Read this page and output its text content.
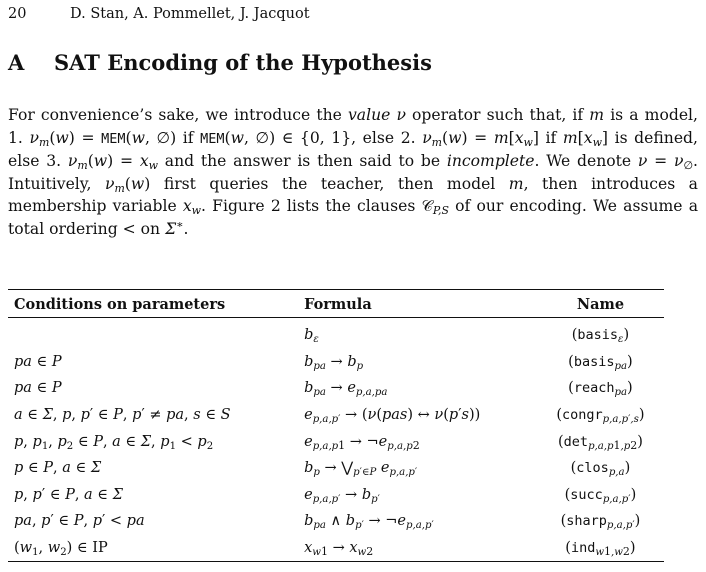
20	D. Stan, A. Pommellet, J. Jacquot
A SAT Encoding of the Hypothesis
For convenience’s sake, we introduce the value ν operator such that, if m is a model, 1. $\nu_m(w) = MEM(w$, ∅) if MEM(w, ∅) ∈ {0, 1}, else 2. $\nu_m(w) = m[x_w]$ if $m[x_w]$ is defined, else 3. $\nu_m(w) = x_w$ and the answer is then said to be incomplete. We denote $\nu = \nu_\emptyset$. Intuitively, $\nu_m(w)$ first queries the teacher, then model m, then introduces a membership variable $x_w$. Figure 2 lists the clauses 𝒞$_{P,S}$ of our encoding. We assume a total ordering < on Σ∗.
Conditions on parameters	Formula	Name
	$b_\varepsilon$	(basis$_\varepsilon$)
pa ∈ P	$b_{pa} \to b_p$	(basis$_{pa}$)
pa ∈ P	$b_{pa} \to e_{p,a,pa}$	(reach$_{pa}$)
a ∈ Σ, p, p′ ∈ P, p′ ≠ pa, s ∈ S	$e_{p,a,p'} \to (\nu(pas)$ ↔ ν(p′s))	(congr$_{p,a,p',s}$)
p, $p_1$, $p_2$ ∈ P, a ∈ Σ, $p_1 < p_2$	$e_{p,a,p1}$ → $\neg e_{p,a,p2}$	$(\det_{p,a,p1,p2})$
p ∈ P, a ∈ Σ	$b_p$ → $⋁_{p'\in P}$ $e_{p,a,p'}$	(clos$_{p,a}$)
p, p′ ∈ P, a ∈ Σ	$e_{p,a,p'} \to b_{p'}$	(succ$_{p,a,p'}$)
pa, p′ ∈ P, p′ < pa	$b_{pa}$ ∧ $b_{p'}$ → $\neg e_{p,a,p'}$	(sharp$_{p,a,p'}$)
($w_1$, $w_2$) ∈ IP	$x_{w1} \to x_{w2}$	(ind$_{w1,w2}$)
